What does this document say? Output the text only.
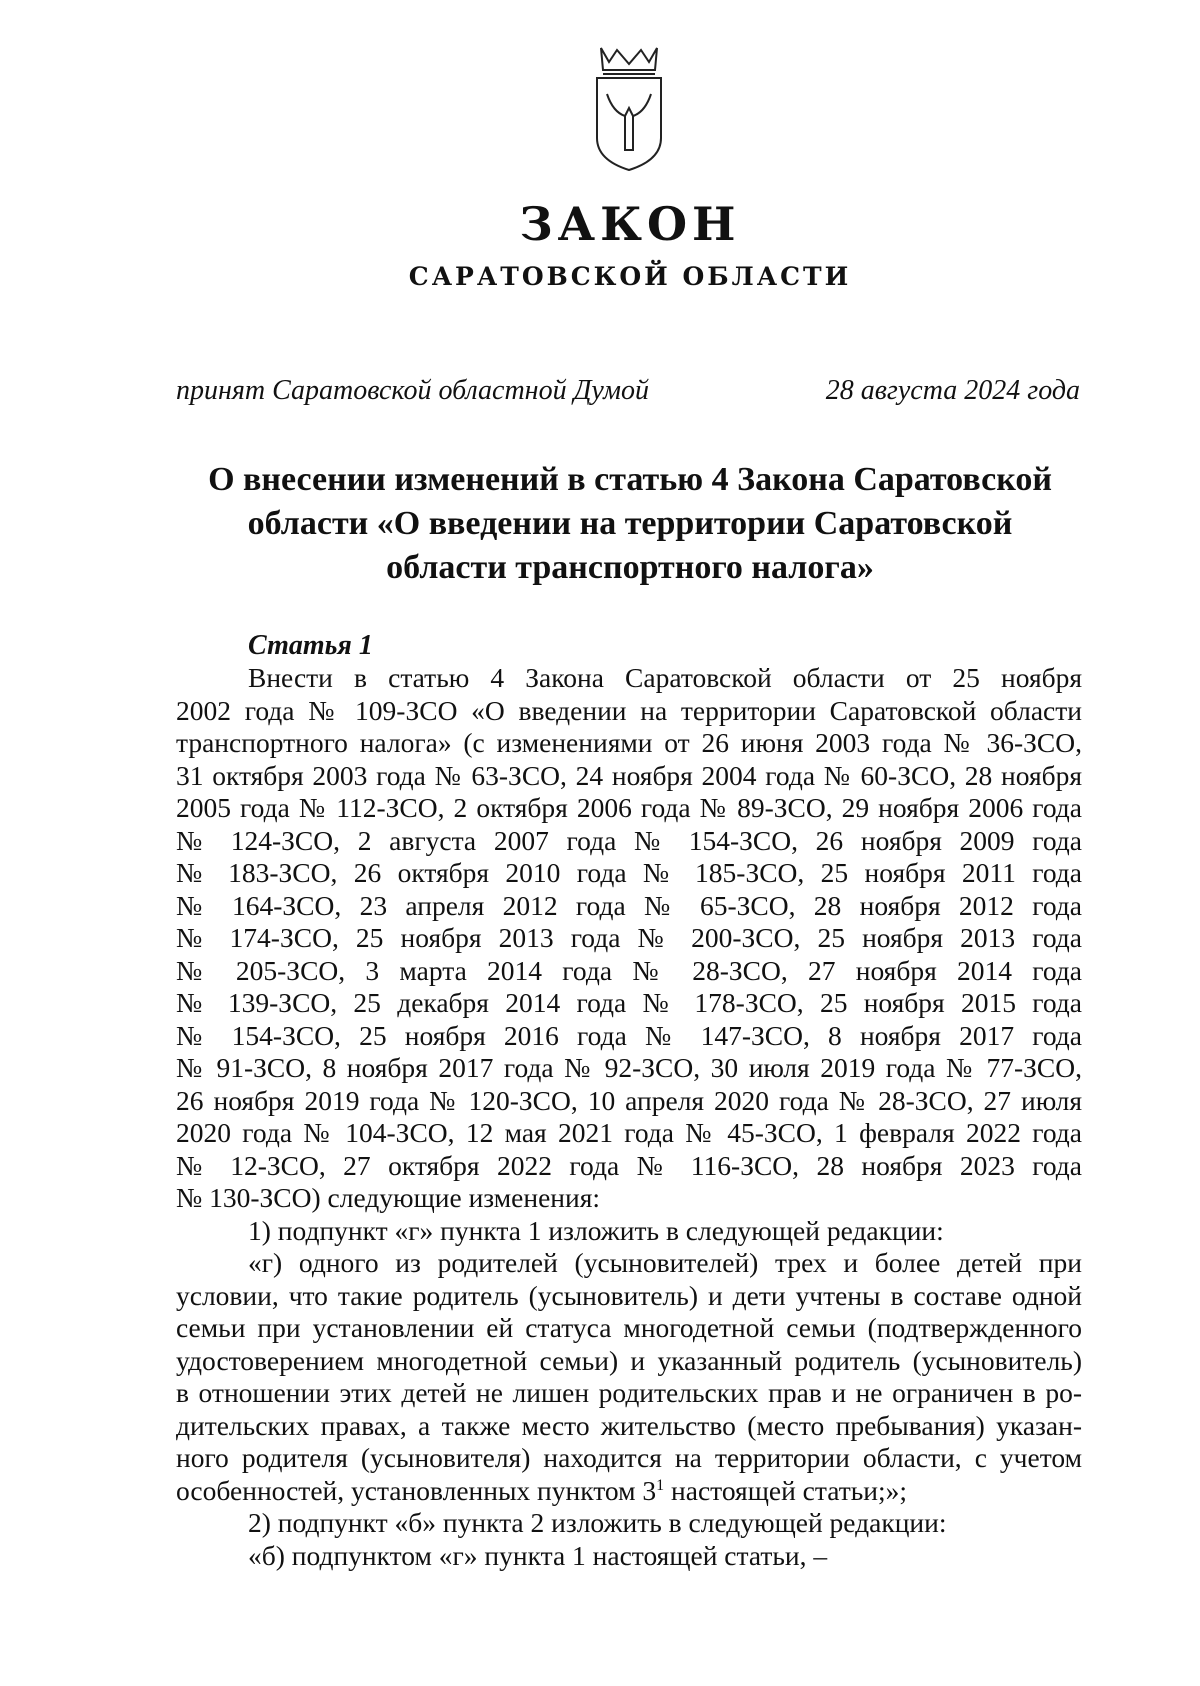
ЗАКОН
САРАТОВСКОЙ ОБЛАСТИ
принят Саратовской областной Думой	28 августа 2024 года
О внесении изменений в статью 4 Закона Саратовской
области «О введении на территории Саратовской
области транспортного налога»
Статья 1
Внести в статью 4 Закона Саратовской области от 25 ноября
2002 года № 109-ЗСО «О введении на территории Саратовской области
транспортного налога» (с изменениями от 26 июня 2003 года № 36-ЗСО,
31 октября 2003 года № 63-ЗСО, 24 ноября 2004 года № 60-ЗСО, 28 ноября
2005 года № 112-ЗСО, 2 октября 2006 года № 89-ЗСО, 29 ноября 2006 года
№ 124-ЗСО, 2 августа 2007 года № 154-ЗСО, 26 ноября 2009 года
№ 183-ЗСО, 26 октября 2010 года № 185-ЗСО, 25 ноября 2011 года
№ 164-ЗСО, 23 апреля 2012 года № 65-ЗСО, 28 ноября 2012 года
№ 174-ЗСО, 25 ноября 2013 года № 200-ЗСО, 25 ноября 2013 года
№ 205-ЗСО, 3 марта 2014 года № 28-ЗСО, 27 ноября 2014 года
№ 139-ЗСО, 25 декабря 2014 года № 178-ЗСО, 25 ноября 2015 года
№ 154-ЗСО, 25 ноября 2016 года № 147-ЗСО, 8 ноября 2017 года
№ 91-ЗСО, 8 ноября 2017 года № 92-ЗСО, 30 июля 2019 года № 77-ЗСО,
26 ноября 2019 года № 120-ЗСО, 10 апреля 2020 года № 28-ЗСО, 27 июля
2020 года № 104-ЗСО, 12 мая 2021 года № 45-ЗСО, 1 февраля 2022 года
№ 12-ЗСО, 27 октября 2022 года № 116-ЗСО, 28 ноября 2023 года
№ 130-ЗСО) следующие изменения:
1) подпункт «г» пункта 1 изложить в следующей редакции:
«г) одного из родителей (усыновителей) трех и более детей при
условии, что такие родитель (усыновитель) и дети учтены в составе одной
семьи при установлении ей статуса многодетной семьи (подтвержденного
удостоверением многодетной семьи) и указанный родитель (усыновитель)
в отношении этих детей не лишен родительских прав и не ограничен в ро-
дительских правах, а также место жительство (место пребывания) указан-
ного родителя (усыновителя) находится на территории области, с учетом
особенностей, установленных пунктом $3^1$ настоящей статьи;»;
2) подпункт «б» пункта 2 изложить в следующей редакции:
«б) подпунктом «г» пункта 1 настоящей статьи, –
